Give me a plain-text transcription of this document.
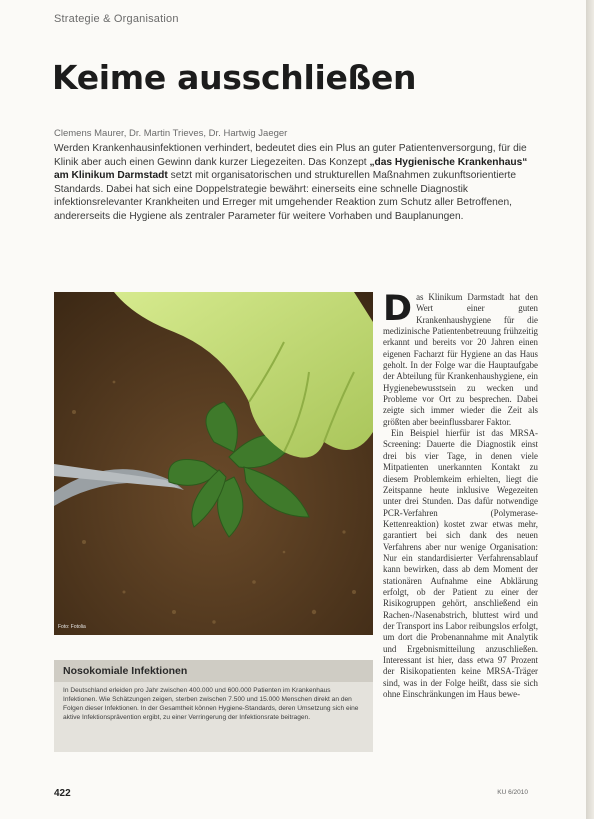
Strategie & Organisation
Keime ausschließen
Clemens Maurer, Dr. Martin Trieves, Dr. Hartwig Jaeger

Werden Krankenhausinfektionen verhindert, bedeutet dies ein Plus an guter Patientenversorgung, für die Klinik aber auch einen Gewinn dank kurzer Liegezeiten. Das Konzept „das Hygienische Krankenhaus“ am Klinikum Darmstadt setzt mit organisatorischen und strukturellen Maßnahmen zukunftsorientierte Standards. Dabei hat sich eine Doppelstrategie bewährt: einerseits eine schnelle Diagnostik infektionsrelevanter Krankheiten und Erreger mit umgehender Reaktion zum Schutz aller Betroffenen, andererseits die Hygiene als zentraler Parameter für weitere Vorhaben und Bauplanungen.

Foto: Fotolia
Nosokomiale Infektionen

In Deutschland erleiden pro Jahr zwischen 400.000 und 600.000 Patienten im Krankenhaus Infektionen. Wie Schätzungen zeigen, sterben zwischen 7.500 und 15.000 Menschen direkt an den Folgen dieser Infektionen. In der Gesamtheit können Hygiene-Standards, deren Umsetzung sich eine aktive Infektionsprävention ergibt, zu einer Verringerung der Infektionsrate beitragen.

Das Klinikum Darmstadt hat den Wert einer guten Krankenhaushygiene für die medizinische Patientenbetreuung frühzeitig erkannt und bereits vor 20 Jahren einen eigenen Facharzt für Hygiene an das Haus geholt. In der Folge war die Hauptaufgabe der Abteilung für Krankenhaushygiene, ein Hygienebewusstsein zu wecken und Probleme vor Ort zu besprechen. Dabei zeigte sich immer wieder die Zeit als größten aber beeinflussbarer Faktor.

Ein Beispiel hierfür ist das MRSA-Screening: Dauerte die Diagnostik einst drei bis vier Tage, in denen viele Mitpatienten unerkannten Kontakt zu diesem Problemkeim erhielten, liegt die Zeitspanne heute inklusive Wegezeiten unter drei Stunden. Das dafür notwendige PCR-Verfahren (Polymerase-Kettenreaktion) kostet zwar etwas mehr, garantiert bei sich dank des neuen Verfahrens aber nur wenige Organisation: Nur ein standardisierter Verfahrensablauf kann bewirken, dass ab dem Moment der stationären Aufnahme eine Abklärung erfolgt, ob der Patient zu einer der Risikogruppen gehört, anschließend ein Rachen-/Nasenabstrich, bluttest wird und der Transport ins Labor reibungslos erfolgt, um dort die Probenannahme mit Analytik und Ergebnismitteilung anzuschließen. Interessant ist hier, dass etwa 97 Prozent der Risikopatienten keine MRSA-Träger sind, was in der Folge heißt, dass sie sich ohne Einschränkungen im Haus bewe-

422	KU 6/2010
